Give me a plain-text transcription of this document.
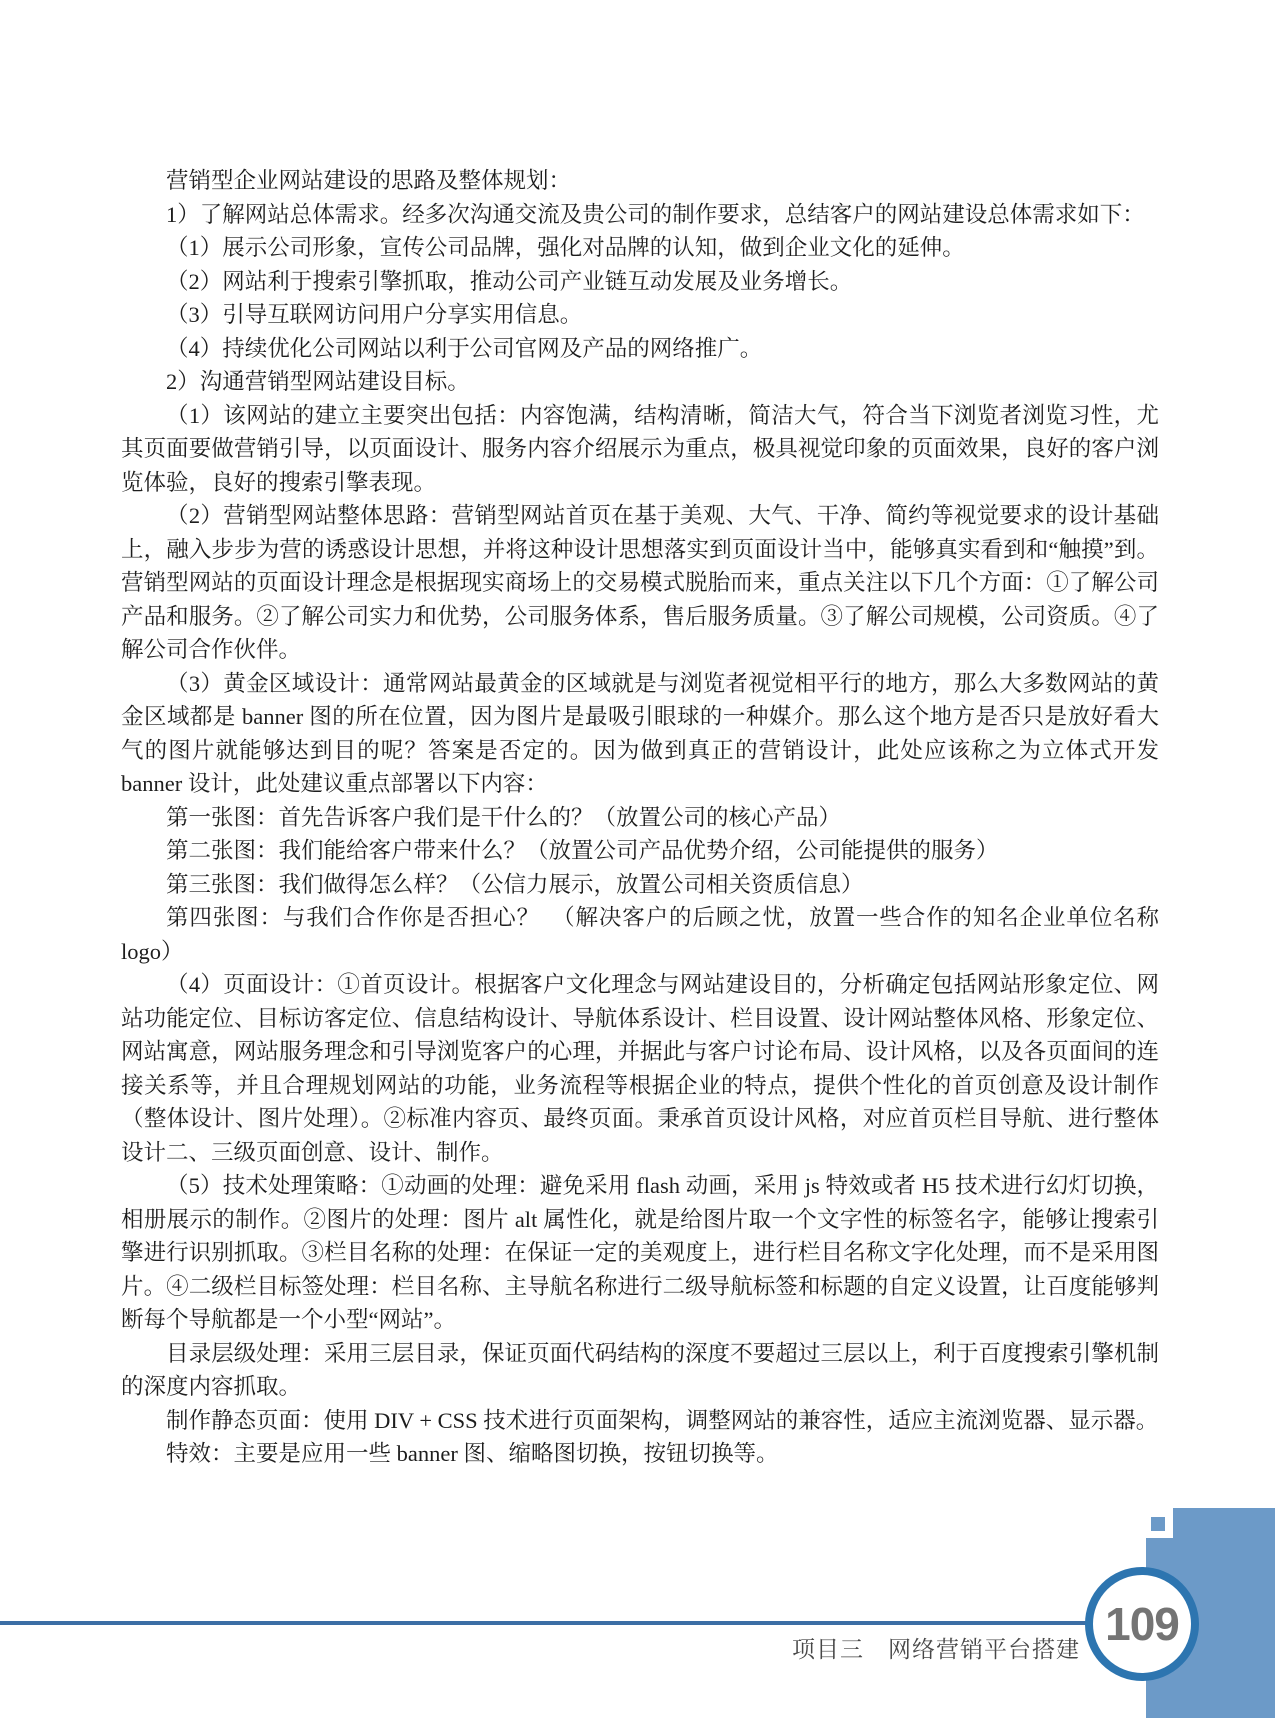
营销型企业网站建设的思路及整体规划：

1）了解网站总体需求。经多次沟通交流及贵公司的制作要求，总结客户的网站建设总体需求如下：

（1）展示公司形象，宣传公司品牌，强化对品牌的认知，做到企业文化的延伸。

（2）网站利于搜索引擎抓取，推动公司产业链互动发展及业务增长。

（3）引导互联网访问用户分享实用信息。

（4）持续优化公司网站以利于公司官网及产品的网络推广。

2）沟通营销型网站建设目标。

（1）该网站的建立主要突出包括：内容饱满，结构清晰，简洁大气，符合当下浏览者浏览习性，尤其页面要做营销引导，以页面设计、服务内容介绍展示为重点，极具视觉印象的页面效果，良好的客户浏览体验，良好的搜索引擎表现。

（2）营销型网站整体思路：营销型网站首页在基于美观、大气、干净、简约等视觉要求的设计基础上，融入步步为营的诱惑设计思想，并将这种设计思想落实到页面设计当中，能够真实看到和“触摸”到。营销型网站的页面设计理念是根据现实商场上的交易模式脱胎而来，重点关注以下几个方面：①了解公司产品和服务。②了解公司实力和优势，公司服务体系，售后服务质量。③了解公司规模，公司资质。④了解公司合作伙伴。

（3）黄金区域设计：通常网站最黄金的区域就是与浏览者视觉相平行的地方，那么大多数网站的黄金区域都是 banner 图的所在位置，因为图片是最吸引眼球的一种媒介。那么这个地方是否只是放好看大气的图片就能够达到目的呢？答案是否定的。因为做到真正的营销设计，此处应该称之为立体式开发 banner 设计，此处建议重点部署以下内容：

第一张图：首先告诉客户我们是干什么的？（放置公司的核心产品）

第二张图：我们能给客户带来什么？（放置公司产品优势介绍，公司能提供的服务）

第三张图：我们做得怎么样？（公信力展示，放置公司相关资质信息）

第四张图：与我们合作你是否担心？　（解决客户的后顾之忧，放置一些合作的知名企业单位名称logo）

（4）页面设计：①首页设计。根据客户文化理念与网站建设目的，分析确定包括网站形象定位、网站功能定位、目标访客定位、信息结构设计、导航体系设计、栏目设置、设计网站整体风格、形象定位、网站寓意，网站服务理念和引导浏览客户的心理，并据此与客户讨论布局、设计风格，以及各页面间的连接关系等，并且合理规划网站的功能，业务流程等根据企业的特点，提供个性化的首页创意及设计制作（整体设计、图片处理）。②标准内容页、最终页面。秉承首页设计风格，对应首页栏目导航、进行整体设计二、三级页面创意、设计、制作。

（5）技术处理策略：①动画的处理：避免采用 flash 动画，采用 js 特效或者 H5 技术进行幻灯切换，相册展示的制作。②图片的处理：图片 alt 属性化，就是给图片取一个文字性的标签名字，能够让搜索引擎进行识别抓取。③栏目名称的处理：在保证一定的美观度上，进行栏目名称文字化处理，而不是采用图片。④二级栏目标签处理：栏目名称、主导航名称进行二级导航标签和标题的自定义设置，让百度能够判断每个导航都是一个小型“网站”。

目录层级处理：采用三层目录，保证页面代码结构的深度不要超过三层以上，利于百度搜索引擎机制的深度内容抓取。

制作静态页面：使用 DIV + CSS 技术进行页面架构，调整网站的兼容性，适应主流浏览器、显示器。

特效：主要是应用一些 banner 图、缩略图切换，按钮切换等。

项目三　网络营销平台搭建 109
